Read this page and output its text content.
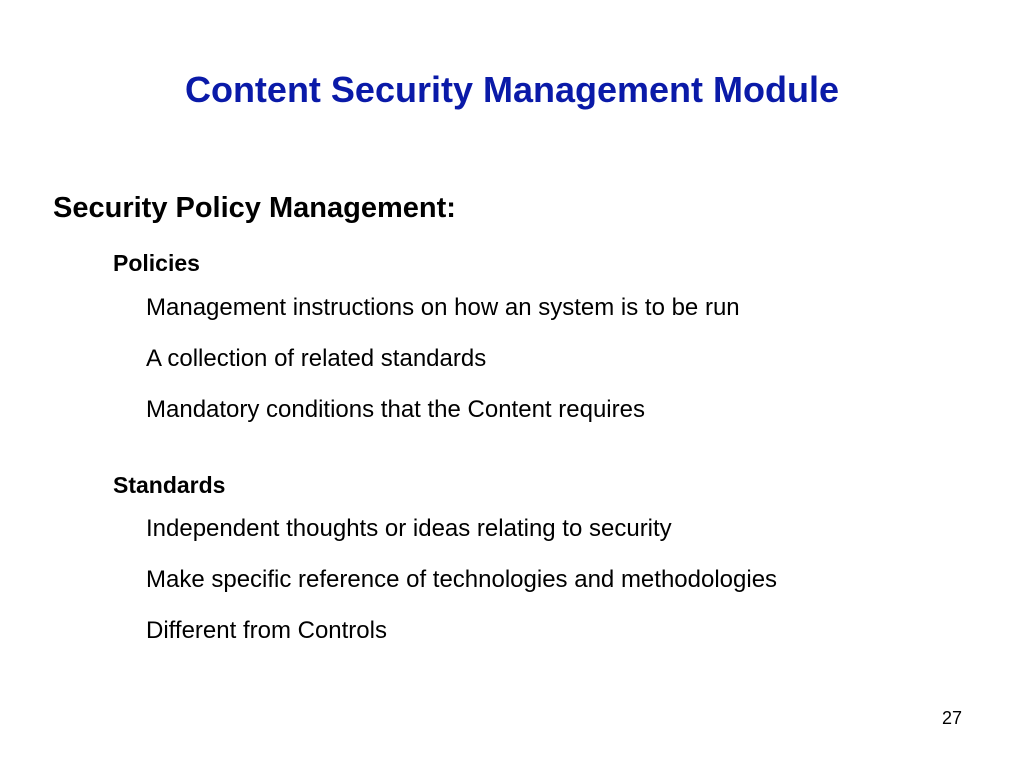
Content Security Management Module
Security Policy Management:
Policies

Management instructions on how an system is to be run

A collection of related standards

Mandatory conditions that the Content requires

Standards

Independent thoughts or ideas relating to security

Make specific reference of technologies and methodologies

Different from Controls

27
